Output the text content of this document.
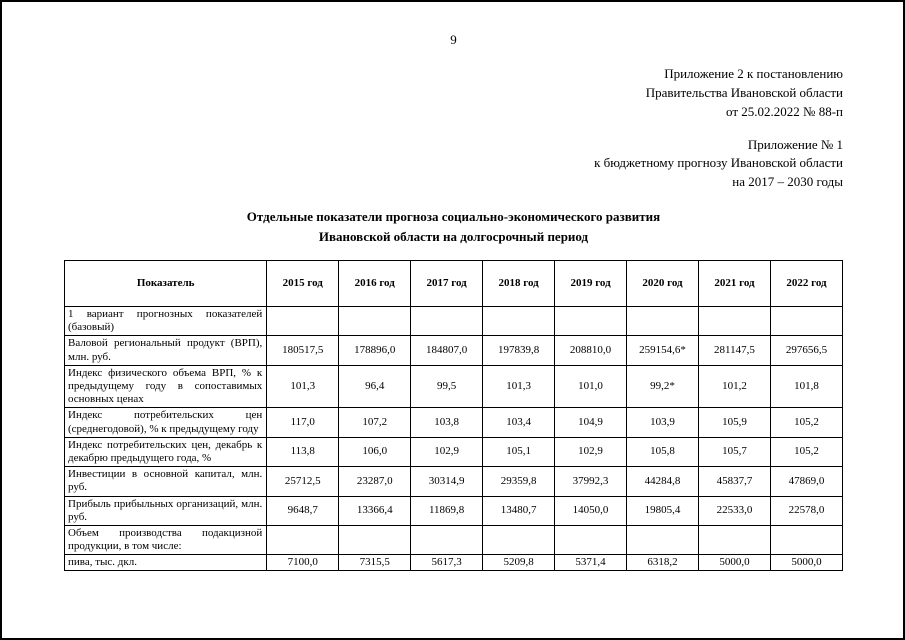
9
Приложение 2 к постановлению
Правительства Ивановской области
от 25.02.2022 № 88-п
Приложение № 1
к бюджетному прогнозу Ивановской области
на 2017 – 2030 годы
Отдельные показатели прогноза социально-экономического развития
Ивановской области на долгосрочный период
Показатель	2015 год	2016 год	2017 год	2018 год	2019 год	2020 год	2021 год	2022 год
1 вариант прогнозных показателей (базовый)								
Валовой региональный продукт (ВРП), млн. руб.	180517,5	178896,0	184807,0	197839,8	208810,0	259154,6*	281147,5	297656,5
Индекс физического объема ВРП, % к предыдущему году в сопоставимых основных ценах	101,3	96,4	99,5	101,3	101,0	99,2*	101,2	101,8
Индекс потребительских цен (среднегодовой), % к предыдущему году	117,0	107,2	103,8	103,4	104,9	103,9	105,9	105,2
Индекс потребительских цен, декабрь к декабрю предыдущего года, %	113,8	106,0	102,9	105,1	102,9	105,8	105,7	105,2
Инвестиции в основной капитал, млн. руб.	25712,5	23287,0	30314,9	29359,8	37992,3	44284,8	45837,7	47869,0
Прибыль прибыльных организаций, млн. руб.	9648,7	13366,4	11869,8	13480,7	14050,0	19805,4	22533,0	22578,0
Объем производства подакцизной продукции, в том числе:								
пива, тыс. дкл.	7100,0	7315,5	5617,3	5209,8	5371,4	6318,2	5000,0	5000,0
